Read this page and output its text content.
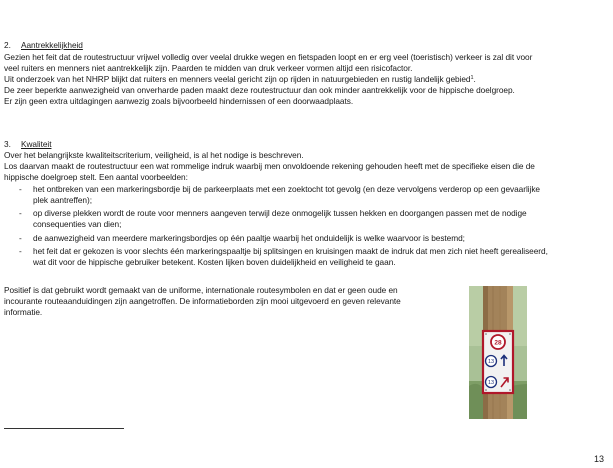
2. Aantrekkelijkheid
Gezien het feit dat de routestructuur vrijwel volledig over veelal drukke wegen en fietspaden loopt en er erg veel (toeristisch) verkeer is zal dit voor
veel ruiters en menners niet aantrekkelijk zijn. Paarden te midden van druk verkeer vormen altijd een risicofactor.
Uit onderzoek van het NHRP blijkt dat ruiters en menners veelal gericht zijn op rijden in natuurgebieden en rustig landelijk gebied$^1$.
De zeer beperkte aanwezigheid van onverharde paden maakt deze routestructuur dan ook minder aantrekkelijk voor de hippische doelgroep.
Er zijn geen extra uitdagingen aanwezig zoals bijvoorbeeld hindernissen of een doorwaadplaats.
3. Kwaliteit
Over het belangrijkste kwaliteitscriterium, veiligheid, is al het nodige is beschreven.
Los daarvan maakt de routestructuur een wat rommelige indruk waarbij men onvoldoende rekening gehouden heeft met de specifieke eisen die de
hippische doelgroep stelt. Een aantal voorbeelden:
- het ontbreken van een markeringsbordje bij de parkeerplaats met een zoektocht tot gevolg (en deze vervolgens verderop op een gevaarlijke
plek aantreffen);
- op diverse plekken wordt de route voor menners aangeven terwijl deze onmogelijk tussen hekken en doorgangen passen met de nodige
consequenties van dien;
- de aanwezigheid van meerdere markeringsbordjes op één paaltje waarbij het onduidelijk is welke waarvoor is bestemd;
- het feit dat er gekozen is voor slechts één markeringspaaltje bij splitsingen en kruisingen maakt de indruk dat men zich niet heeft gerealiseerd,
wat dit voor de hippische gebruiker betekent. Kosten lijken boven duidelijkheid en veiligheid te gaan.
Positief is dat gebruikt wordt gemaakt van de uniforme, internationale routesymbolen en dat er geen oude en
incourante routeaanduidingen zijn aangetroffen. De informatieborden zijn mooi uitgevoerd en geven relevante
informatie.
28
13
13
13
